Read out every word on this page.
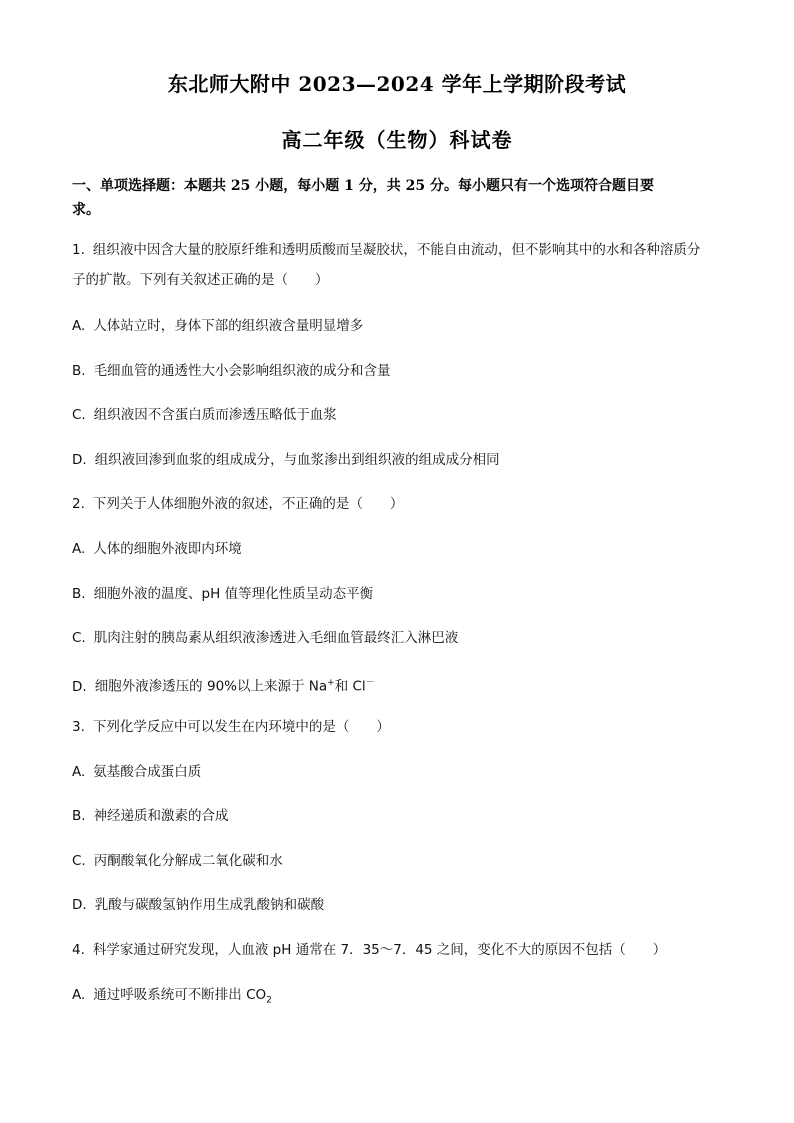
东北师大附中 2023—2024 学年上学期阶段考试
高二年级（生物）科试卷
一、单项选择题：本题共 25 小题，每小题 1 分，共 25 分。每小题只有一个选项符合题目要
求。
1. 组织液中因含大量的胶原纤维和透明质酸而呈凝胶状，不能自由流动，但不影响其中的水和各种溶质分
子的扩散。下列有关叙述正确的是（　　）
A. 人体站立时，身体下部的组织液含量明显增多
B. 毛细血管的通透性大小会影响组织液的成分和含量
C. 组织液因不含蛋白质而渗透压略低于血浆
D. 组织液回渗到血浆的组成成分，与血浆渗出到组织液的组成成分相同
2. 下列关于人体细胞外液的叙述，不正确的是（　　）
A. 人体的细胞外液即内环境
B. 细胞外液的温度、pH 值等理化性质呈动态平衡
C. 肌肉注射的胰岛素从组织液渗透进入毛细血管最终汇入淋巴液
D. 细胞外液渗透压的 90%以上来源于 Na+和 Cl－
3. 下列化学反应中可以发生在内环境中的是（　　）
A. 氨基酸合成蛋白质
B. 神经递质和激素的合成
C. 丙酮酸氧化分解成二氧化碳和水
D. 乳酸与碳酸氢钠作用生成乳酸钠和碳酸
4. 科学家通过研究发现，人血液 pH 通常在 7．35～7．45 之间，变化不大的原因不包括（　　）
A. 通过呼吸系统可不断排出 $CO_2$
